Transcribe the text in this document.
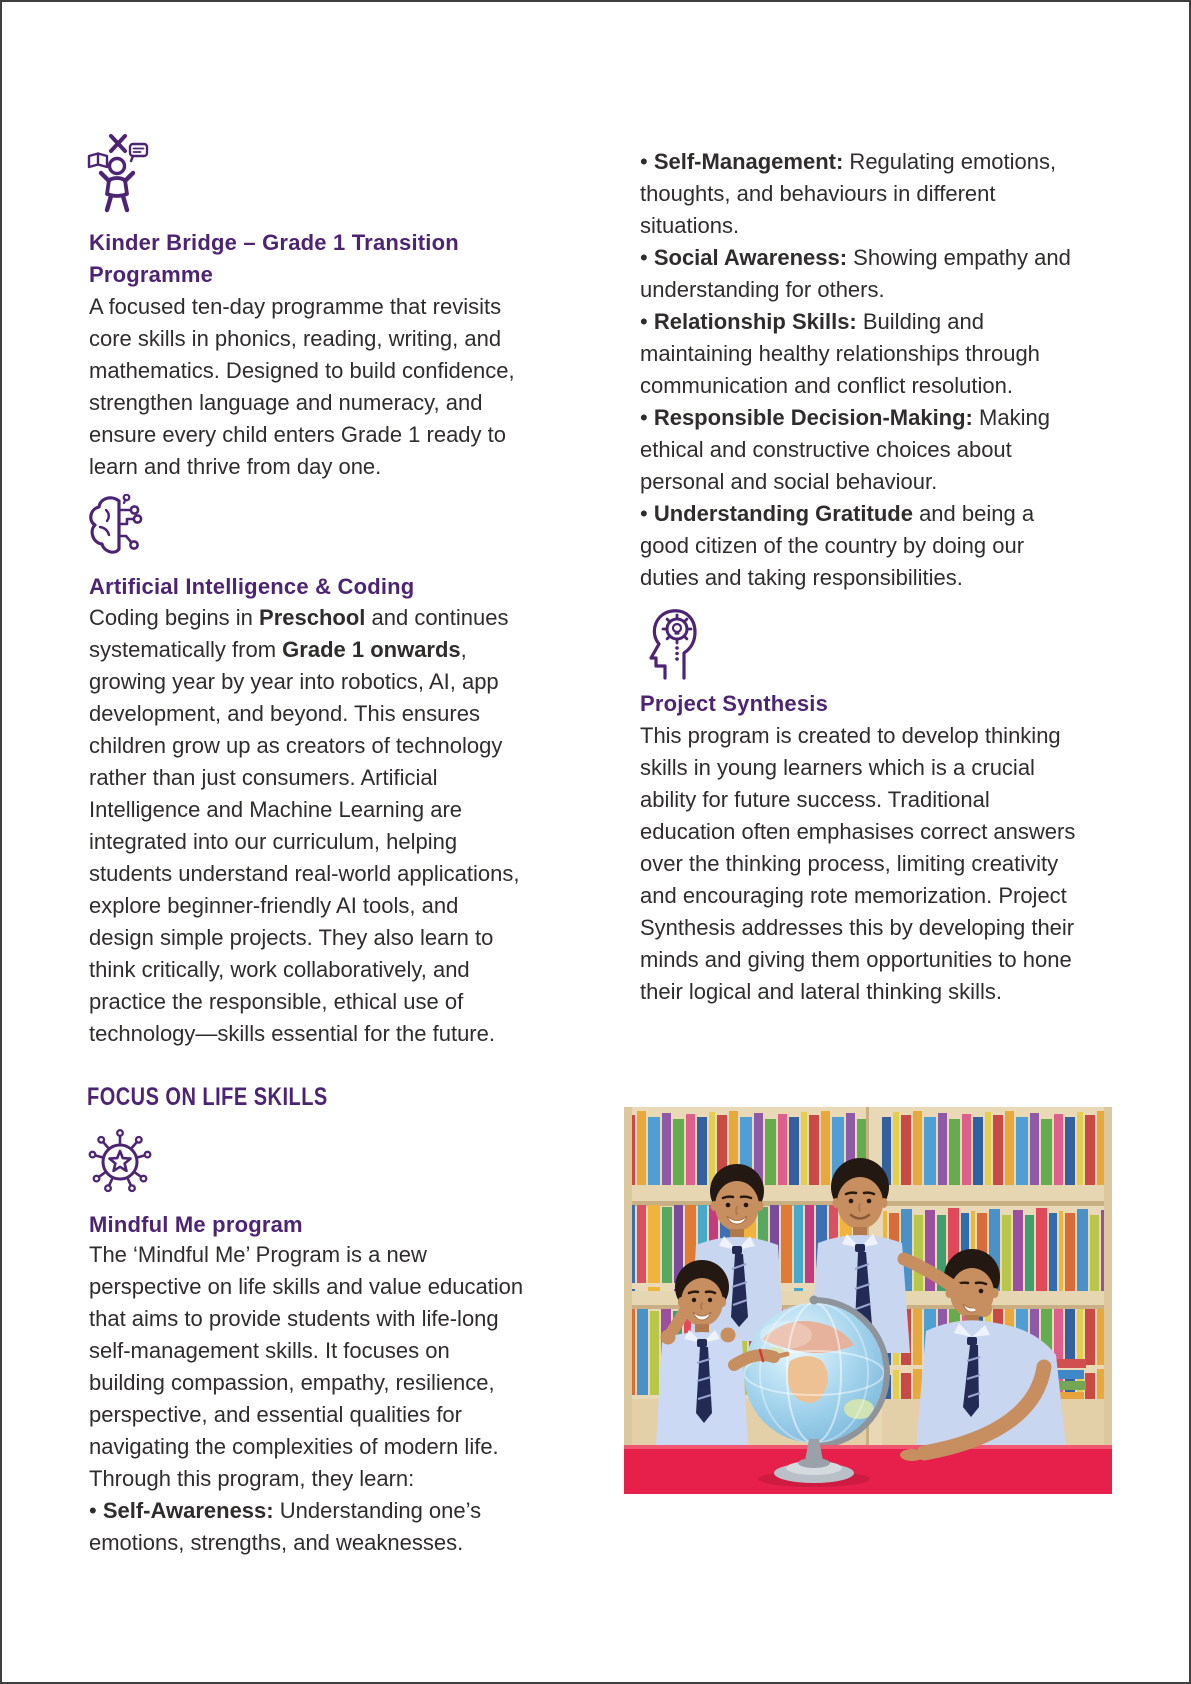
Kinder Bridge – Grade 1 Transition Programme

A focused ten-day programme that revisits core skills in phonics, reading, writing, and mathematics. Designed to build confidence, strengthen language and numeracy, and ensure every child enters Grade 1 ready to learn and thrive from day one.

Artificial Intelligence & Coding

Coding begins in Preschool and continues systematically from Grade 1 onwards, growing year by year into robotics, AI, app development, and beyond. This ensures children grow up as creators of technology rather than just consumers. Artificial Intelligence and Machine Learning are integrated into our curriculum, helping students understand real-world applications, explore beginner-friendly AI tools, and design simple projects. They also learn to think critically, work collaboratively, and practice the responsible, ethical use of technology—skills essential for the future.

FOCUS ON LIFE SKILLS
Mindful Me program

The ‘Mindful Me’ Program is a new perspective on life skills and value education that aims to provide students with life-long self-management skills. It focuses on building compassion, empathy, resilience, perspective, and essential qualities for navigating the complexities of modern life. Through this program, they learn:

• Self-Awareness: Understanding one’s emotions, strengths, and weaknesses.

• Self-Management: Regulating emotions, thoughts, and behaviours in different situations.

• Social Awareness: Showing empathy and understanding for others.

• Relationship Skills: Building and maintaining healthy relationships through communication and conflict resolution.

• Responsible Decision-Making: Making ethical and constructive choices about personal and social behaviour.

• Understanding Gratitude and being a good citizen of the country by doing our duties and taking responsibilities.

Project Synthesis

This program is created to develop thinking skills in young learners which is a crucial ability for future success. Traditional education often emphasises correct answers over the thinking process, limiting creativity and encouraging rote memorization. Project Synthesis addresses this by developing their minds and giving them opportunities to hone their logical and lateral thinking skills.
